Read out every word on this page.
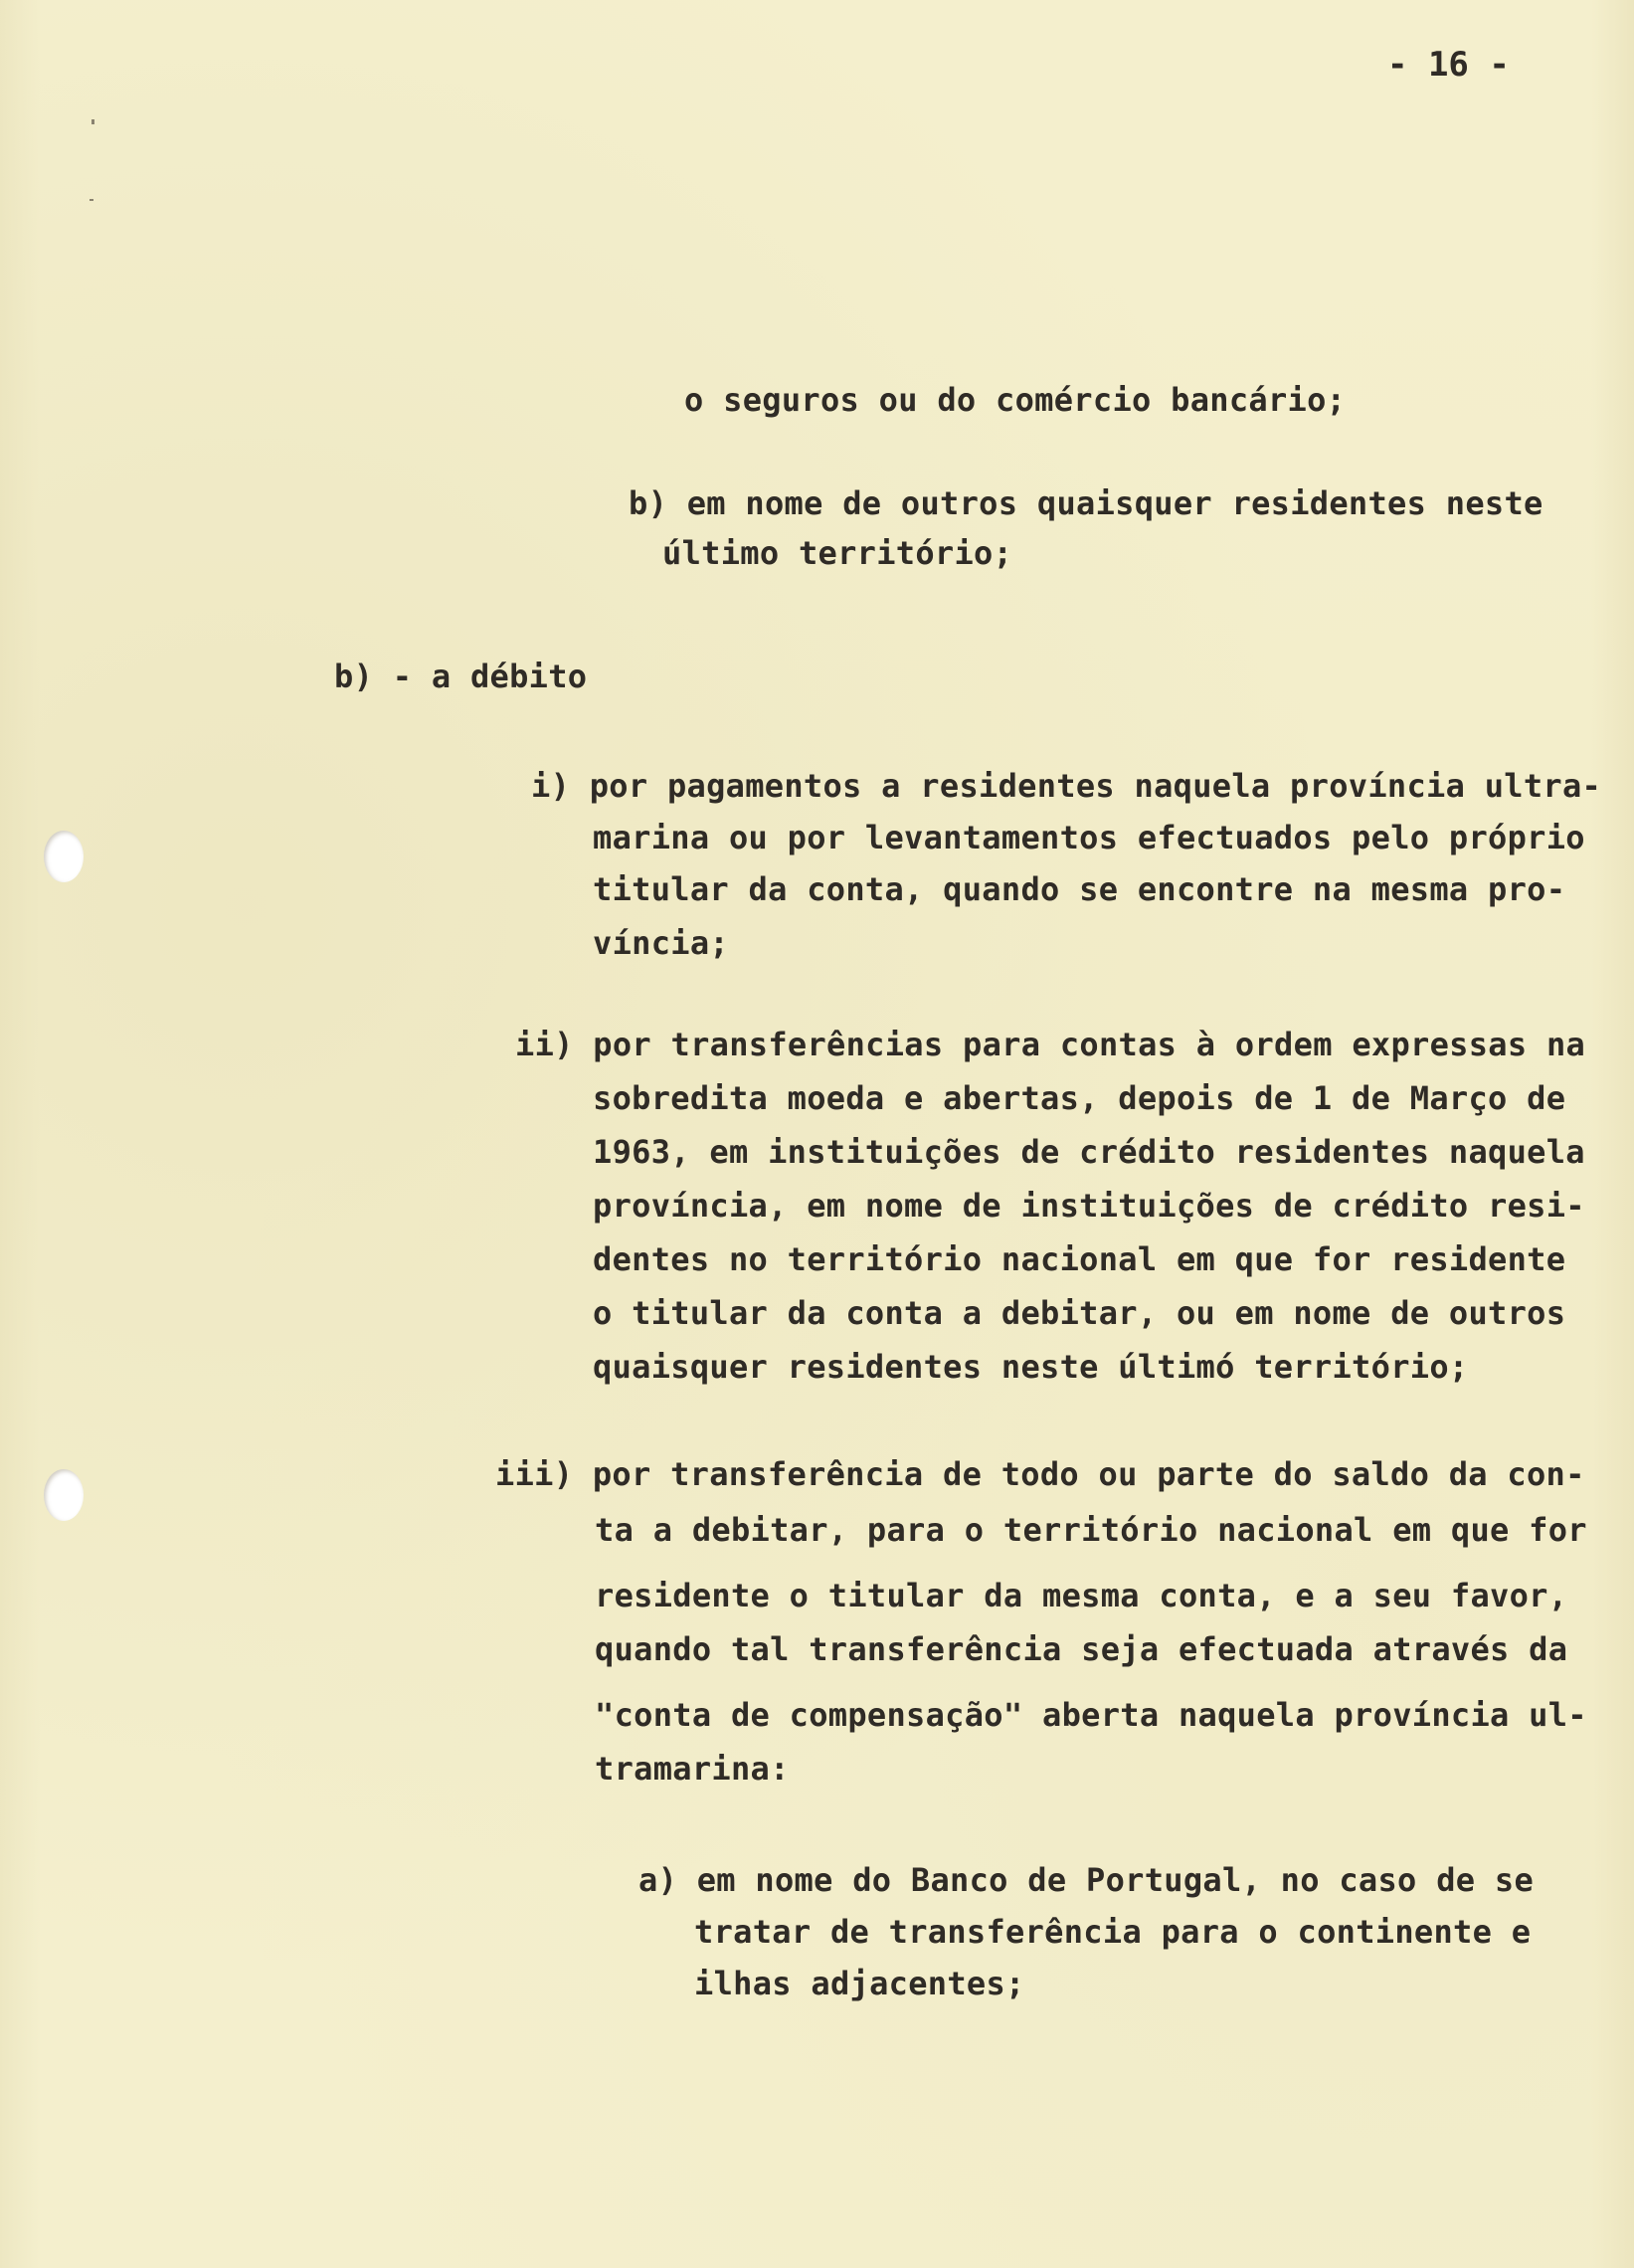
- 16 -
o seguros ou do comércio bancário;
b) em nome de outros quaisquer residentes neste
último território;
b) - a débito
i) por pagamentos a residentes naquela província ultra-
marina ou por levantamentos efectuados pelo próprio
titular da conta, quando se encontre na mesma pro-
víncia;
ii) por transferências para contas à ordem expressas na
sobredita moeda e abertas, depois de 1 de Março de
1963, em instituições de crédito residentes naquela
província, em nome de instituições de crédito resi-
dentes no território nacional em que for residente
o titular da conta a debitar, ou em nome de outros
quaisquer residentes neste últimó território;
iii) por transferência de todo ou parte do saldo da con-
ta a debitar, para o território nacional em que for
residente o titular da mesma conta, e a seu favor,
quando tal transferência seja efectuada através da
"conta de compensação" aberta naquela província ul-
tramarina:
a) em nome do Banco de Portugal, no caso de se
tratar de transferência para o continente e
ilhas adjacentes;
